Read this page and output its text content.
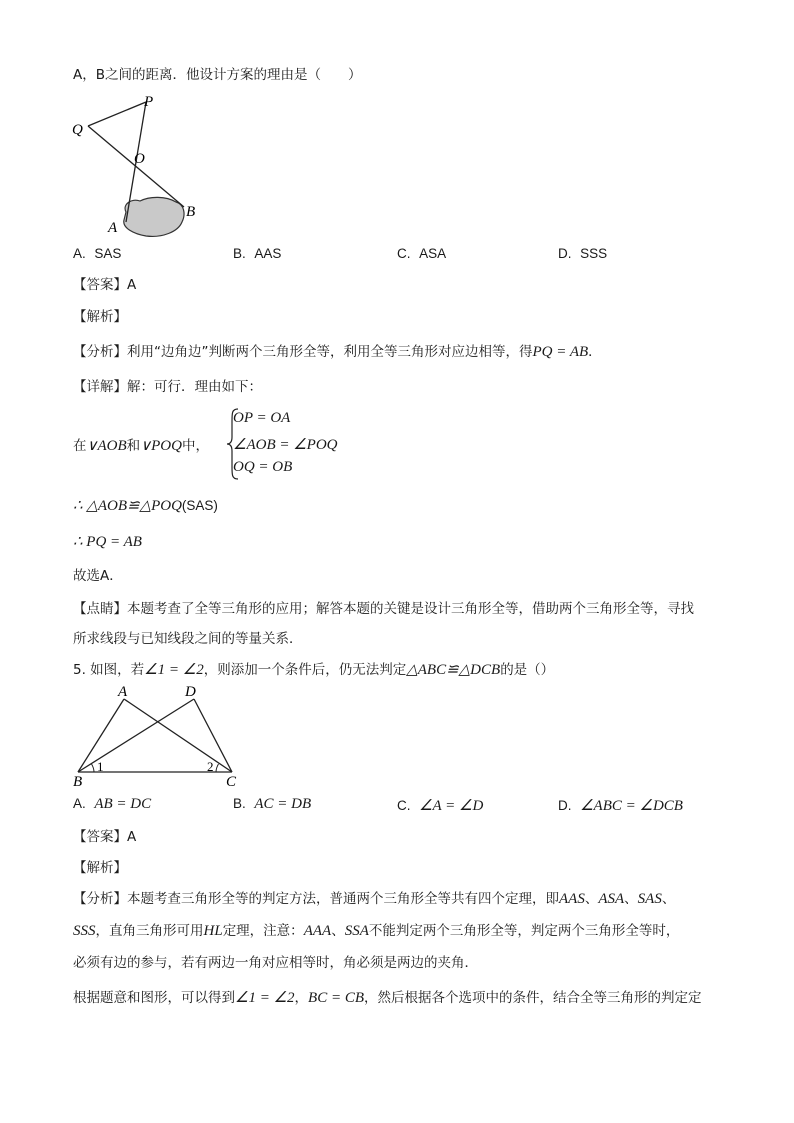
A，B之间的距离．他设计方案的理由是（　　）
P
Q
O
A
B
A. SAS	B. AAS	C. ASA	D. SSS
【答案】A
【解析】
【分析】利用“边角边”判断两个三角形全等，利用全等三角形对应边相等，得PQ = AB．
【详解】解：可行．理由如下：
在∨AOB和∨POQ中，
OP = OA
∠AOB = ∠POQ
OQ = OB
∴ △AOB≌△POQ(SAS)
∴ PQ = AB
故选A．
【点睛】本题考查了全等三角形的应用；解答本题的关键是设计三角形全等，借助两个三角形全等，寻找
所求线段与已知线段之间的等量关系．
5. 如图，若∠1 = ∠2，则添加一个条件后，仍无法判定△ABC≌△DCB的是（）
A	D
B	C
1	2
A. AB = DC	B. AC = DB	C. ∠A = ∠D	D. ∠ABC = ∠DCB
【答案】A
【解析】
【分析】本题考查三角形全等的判定方法，普通两个三角形全等共有四个定理，即AAS、ASA、SAS、
SSS，直角三角形可用HL定理，注意：AAA、SSA不能判定两个三角形全等，判定两个三角形全等时，
必须有边的参与，若有两边一角对应相等时，角必须是两边的夹角．
根据题意和图形，可以得到∠1 = ∠2，BC = CB，然后根据各个选项中的条件，结合全等三角形的判定定
